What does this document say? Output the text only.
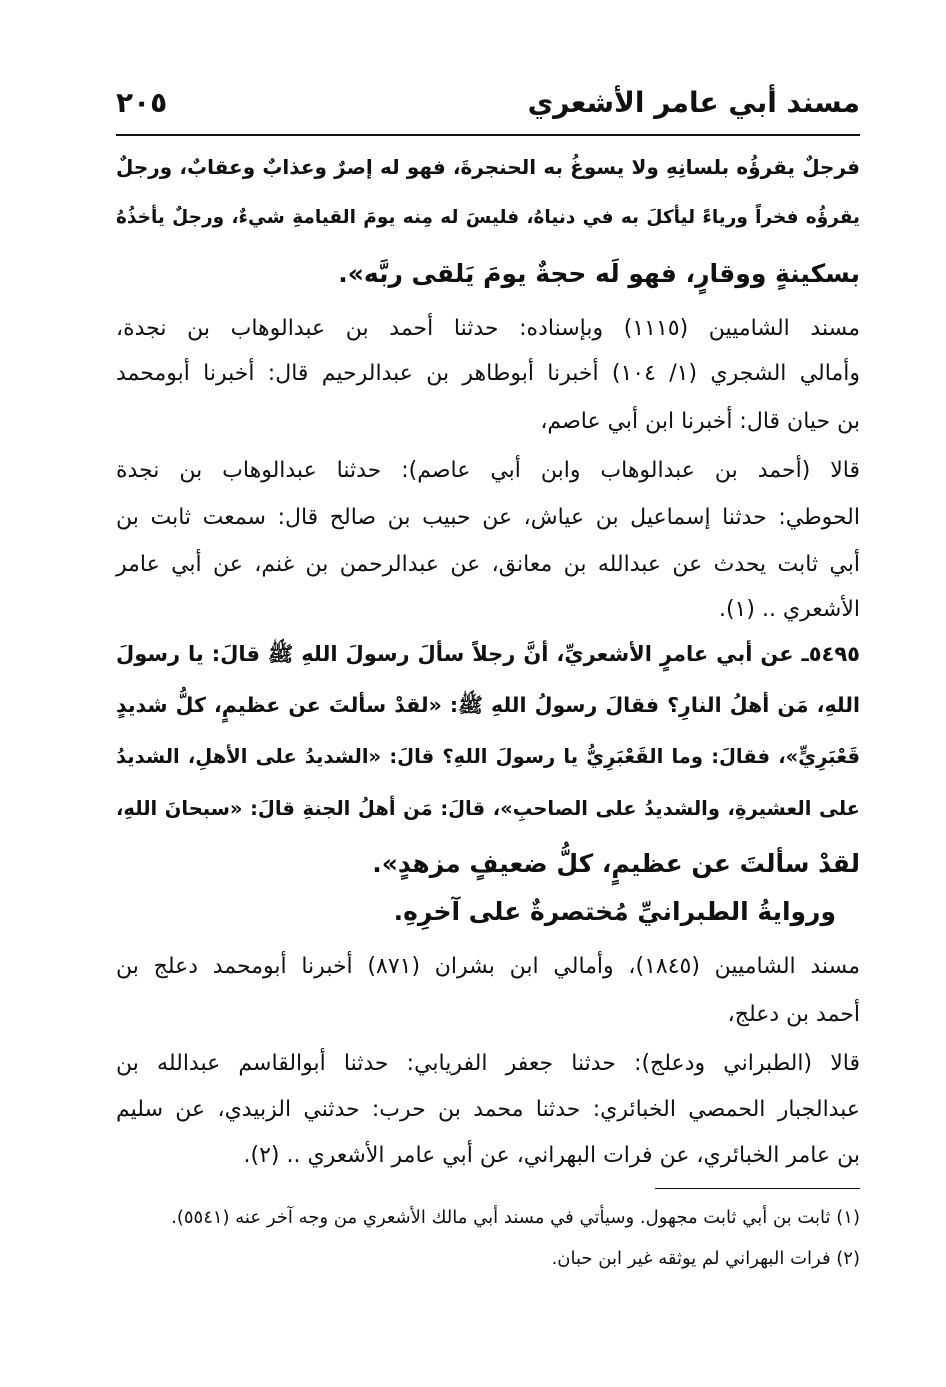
مسند أبي عامر الأشعري
٢٠٥
فرجلٌ يقرؤُه بلسانِهِ ولا يسوغُ به الحنجرةَ، فهو له إصرٌ وعذابٌ وعقابٌ، ورجلٌ
يقرؤُه فخراً ورياءً ليأكلَ به في دنياهُ، فليسَ له مِنه يومَ القيامةِ شيءٌ، ورجلٌ يأخذُهُ
بسكينةٍ ووقارٍ، فهو لَه حجةٌ يومَ يَلقى ربَّه».
مسند الشاميين (١١١٥) وبإسناده: حدثنا أحمد بن عبدالوهاب بن نجدة،
وأمالي الشجري (١/ ١٠٤) أخبرنا أبوطاهر بن عبدالرحيم قال: أخبرنا أبومحمد
بن حيان قال: أخبرنا ابن أبي عاصم،
قالا (أحمد بن عبدالوهاب وابن أبي عاصم): حدثنا عبدالوهاب بن نجدة
الحوطي: حدثنا إسماعيل بن عياش، عن حبيب بن صالح قال: سمعت ثابت بن
أبي ثابت يحدث عن عبدالله بن معانق، عن عبدالرحمن بن غنم، عن أبي عامر
الأشعري .. (١).
٥٤٩٥ـ عن أبي عامرٍ الأشعريِّ، أنَّ رجلاً سألَ رسولَ اللهِ ﷺ قالَ: يا رسولَ
اللهِ، مَن أهلُ النارِ؟ فقالَ رسولُ اللهِ ﷺ: «لقدْ سألتَ عن عظيمٍ، كلُّ شديدٍ
قَعْبَرِيٍّ»، فقالَ: وما القَعْبَرِيُّ يا رسولَ اللهِ؟ قالَ: «الشديدُ على الأهلِ، الشديدُ
على العشيرةِ، والشديدُ على الصاحبِ»، قالَ: مَن أهلُ الجنةِ قالَ: «سبحانَ اللهِ،
لقدْ سألتَ عن عظيمٍ، كلُّ ضعيفٍ مزهدٍ».
وروايةُ الطبرانيِّ مُختصرةٌ على آخرِهِ.
مسند الشاميين (١٨٤٥)، وأمالي ابن بشران (٨٧١) أخبرنا أبومحمد دعلج بن
أحمد بن دعلج،
قالا (الطبراني ودعلج): حدثنا جعفر الفريابي: حدثنا أبوالقاسم عبدالله بن
عبدالجبار الحمصي الخبائري: حدثنا محمد بن حرب: حدثني الزبيدي، عن سليم
بن عامر الخبائري، عن فرات البهراني، عن أبي عامر الأشعري .. (٢).
(١) ثابت بن أبي ثابت مجهول. وسيأتي في مسند أبي مالك الأشعري من وجه آخر عنه (٥٥٤١).
(٢) فرات البهراني لم يوثقه غير ابن حبان.
